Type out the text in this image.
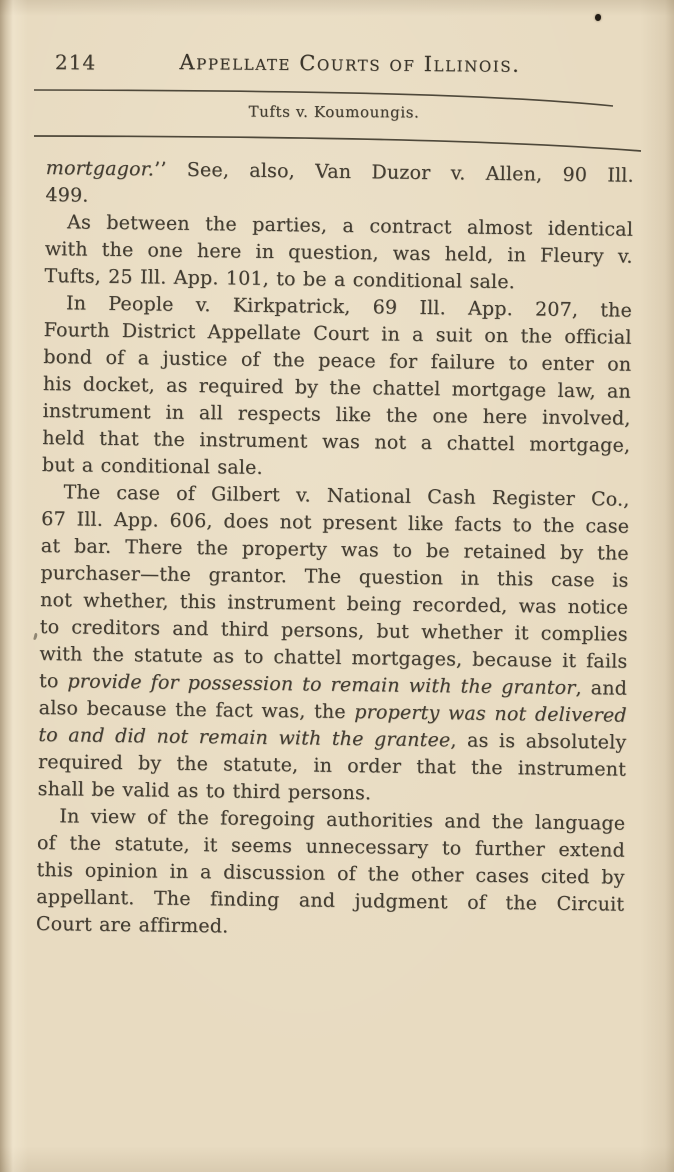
214	Appellate Courts of Illinois.
Tufts v. Koumoungis.
mortgagor.’’ See, also, Van Duzor v. Allen, 90 Ill.
499.
As between the parties, a contract almost identical
with the one here in question, was held, in Fleury v.
Tufts, 25 Ill. App. 101, to be a conditional sale.
In People v. Kirkpatrick, 69 Ill. App. 207, the
Fourth District Appellate Court in a suit on the official
bond of a justice of the peace for failure to enter on
his docket, as required by the chattel mortgage law, an
instrument in all respects like the one here involved,
held that the instrument was not a chattel mortgage,
but a conditional sale.
The case of Gilbert v. National Cash Register Co.,
67 Ill. App. 606, does not present like facts to the case
at bar. There the property was to be retained by the
purchaser—the grantor. The question in this case is
not whether, this instrument being recorded, was notice
to creditors and third persons, but whether it complies
with the statute as to chattel mortgages, because it fails
to provide for possession to remain with the grantor, and
also because the fact was, the property was not delivered
to and did not remain with the grantee, as is absolutely
required by the statute, in order that the instrument
shall be valid as to third persons.
In view of the foregoing authorities and the language
of the statute, it seems unnecessary to further extend
this opinion in a discussion of the other cases cited by
appellant. The finding and judgment of the Circuit
Court are affirmed.
